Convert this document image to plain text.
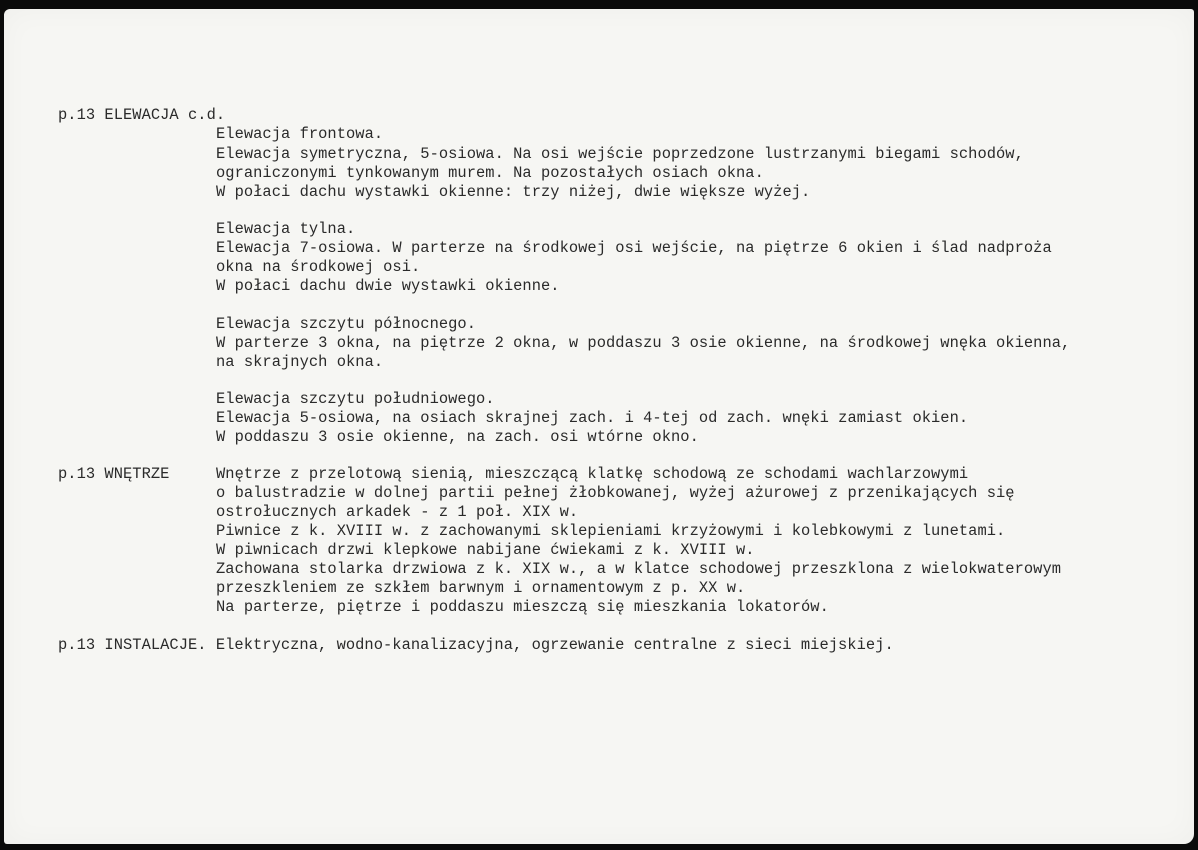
p.13 ELEWACJA c.d.
Elewacja frontowa.
Elewacja symetryczna, 5-osiowa. Na osi wejście poprzedzone lustrzanymi biegami schodów,
ograniczonymi tynkowanym murem. Na pozostałych osiach okna.
W połaci dachu wystawki okienne: trzy niżej, dwie większe wyżej.
Elewacja tylna.
Elewacja 7-osiowa. W parterze na środkowej osi wejście, na piętrze 6 okien i ślad nadproża
okna na środkowej osi.
W połaci dachu dwie wystawki okienne.
Elewacja szczytu północnego.
W parterze 3 okna, na piętrze 2 okna, w poddaszu 3 osie okienne, na środkowej wnęka okienna,
na skrajnych okna.
Elewacja szczytu południowego.
Elewacja 5-osiowa, na osiach skrajnej zach. i 4-tej od zach. wnęki zamiast okien.
W poddaszu 3 osie okienne, na zach. osi wtórne okno.
p.13 WNĘTRZE	Wnętrze z przelotową sienią, mieszczącą klatkę schodową ze schodami wachlarzowymi
o balustradzie w dolnej partii pełnej żłobkowanej, wyżej ażurowej z przenikających się
ostrołucznych arkadek - z 1 poł. XIX w.
Piwnice z k. XVIII w. z zachowanymi sklepieniami krzyżowymi i kolebkowymi z lunetami.
W piwnicach drzwi klepkowe nabijane ćwiekami z k. XVIII w.
Zachowana stolarka drzwiowa z k. XIX w., a w klatce schodowej przeszklona z wielokwaterowym
przeszkleniem ze szkłem barwnym i ornamentowym z p. XX w.
Na parterze, piętrze i poddaszu mieszczą się mieszkania lokatorów.
p.13 INSTALACJE. Elektryczna, wodno-kanalizacyjna, ogrzewanie centralne z sieci miejskiej.
